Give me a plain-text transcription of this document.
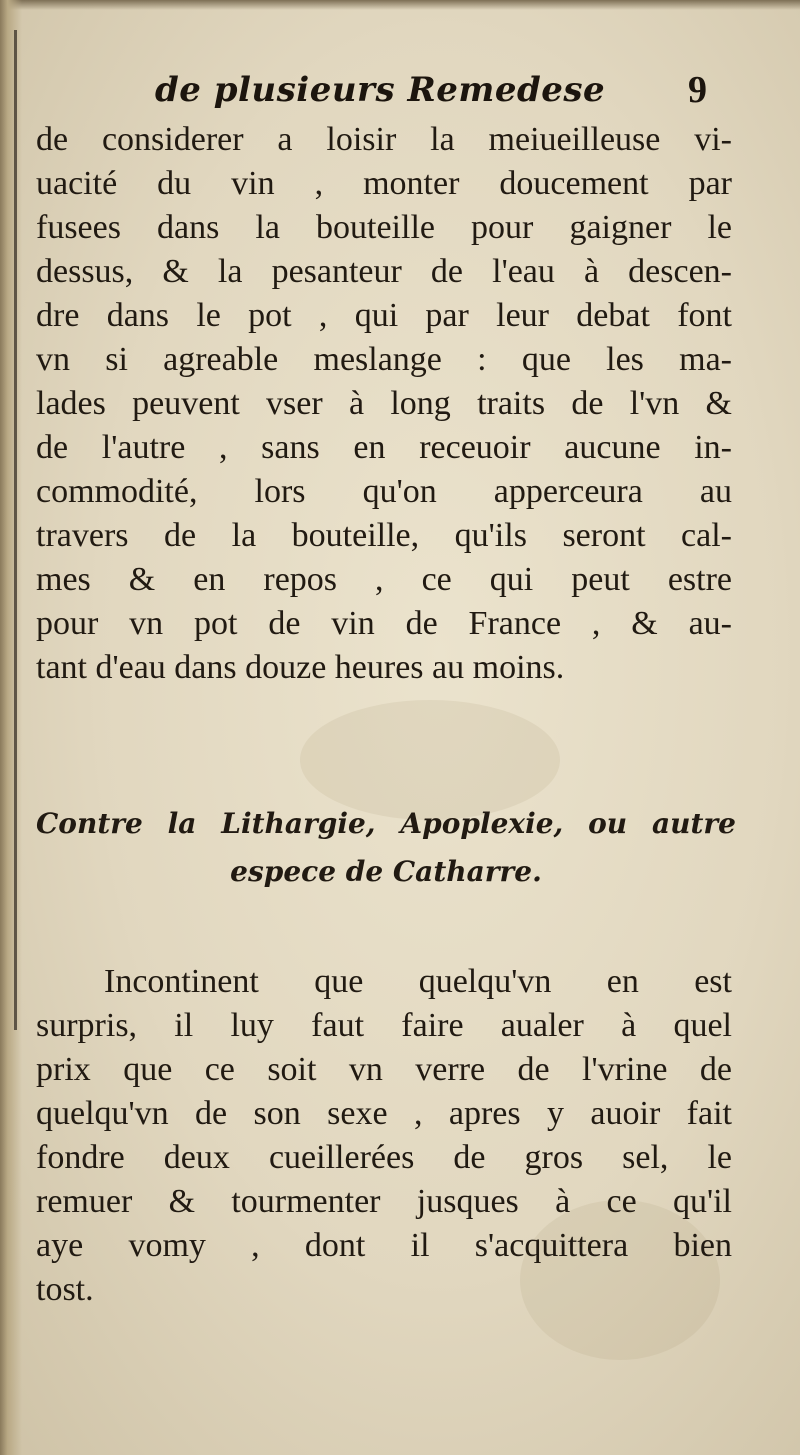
de plusieurs Remedese 9
de considerer a loisir la meiueilleuse vi-
uacité du vin , monter doucement par
fusees dans la bouteille pour gaigner le
dessus, & la pesanteur de l'eau à descen-
dre dans le pot , qui par leur debat font
vn si agreable meslange : que les ma-
lades peuvent vser à long traits de l'vn &
de l'autre , sans en receuoir aucune in-
commodité, lors qu'on apperceura au
travers de la bouteille, qu'ils seront cal-
mes & en repos , ce qui peut estre
pour vn pot de vin de France , & au-
tant d'eau dans douze heures au moins.
Contre la Lithargie, Apoplexie, ou autre
espece de Catharre.
Incontinent que quelqu'vn en est
surpris, il luy faut faire aualer à quel
prix que ce soit vn verre de l'vrine de
quelqu'vn de son sexe , apres y auoir fait
fondre deux cueillerées de gros sel, le
remuer & tourmenter jusques à ce qu'il
aye vomy , dont il s'acquittera bien
tost.
